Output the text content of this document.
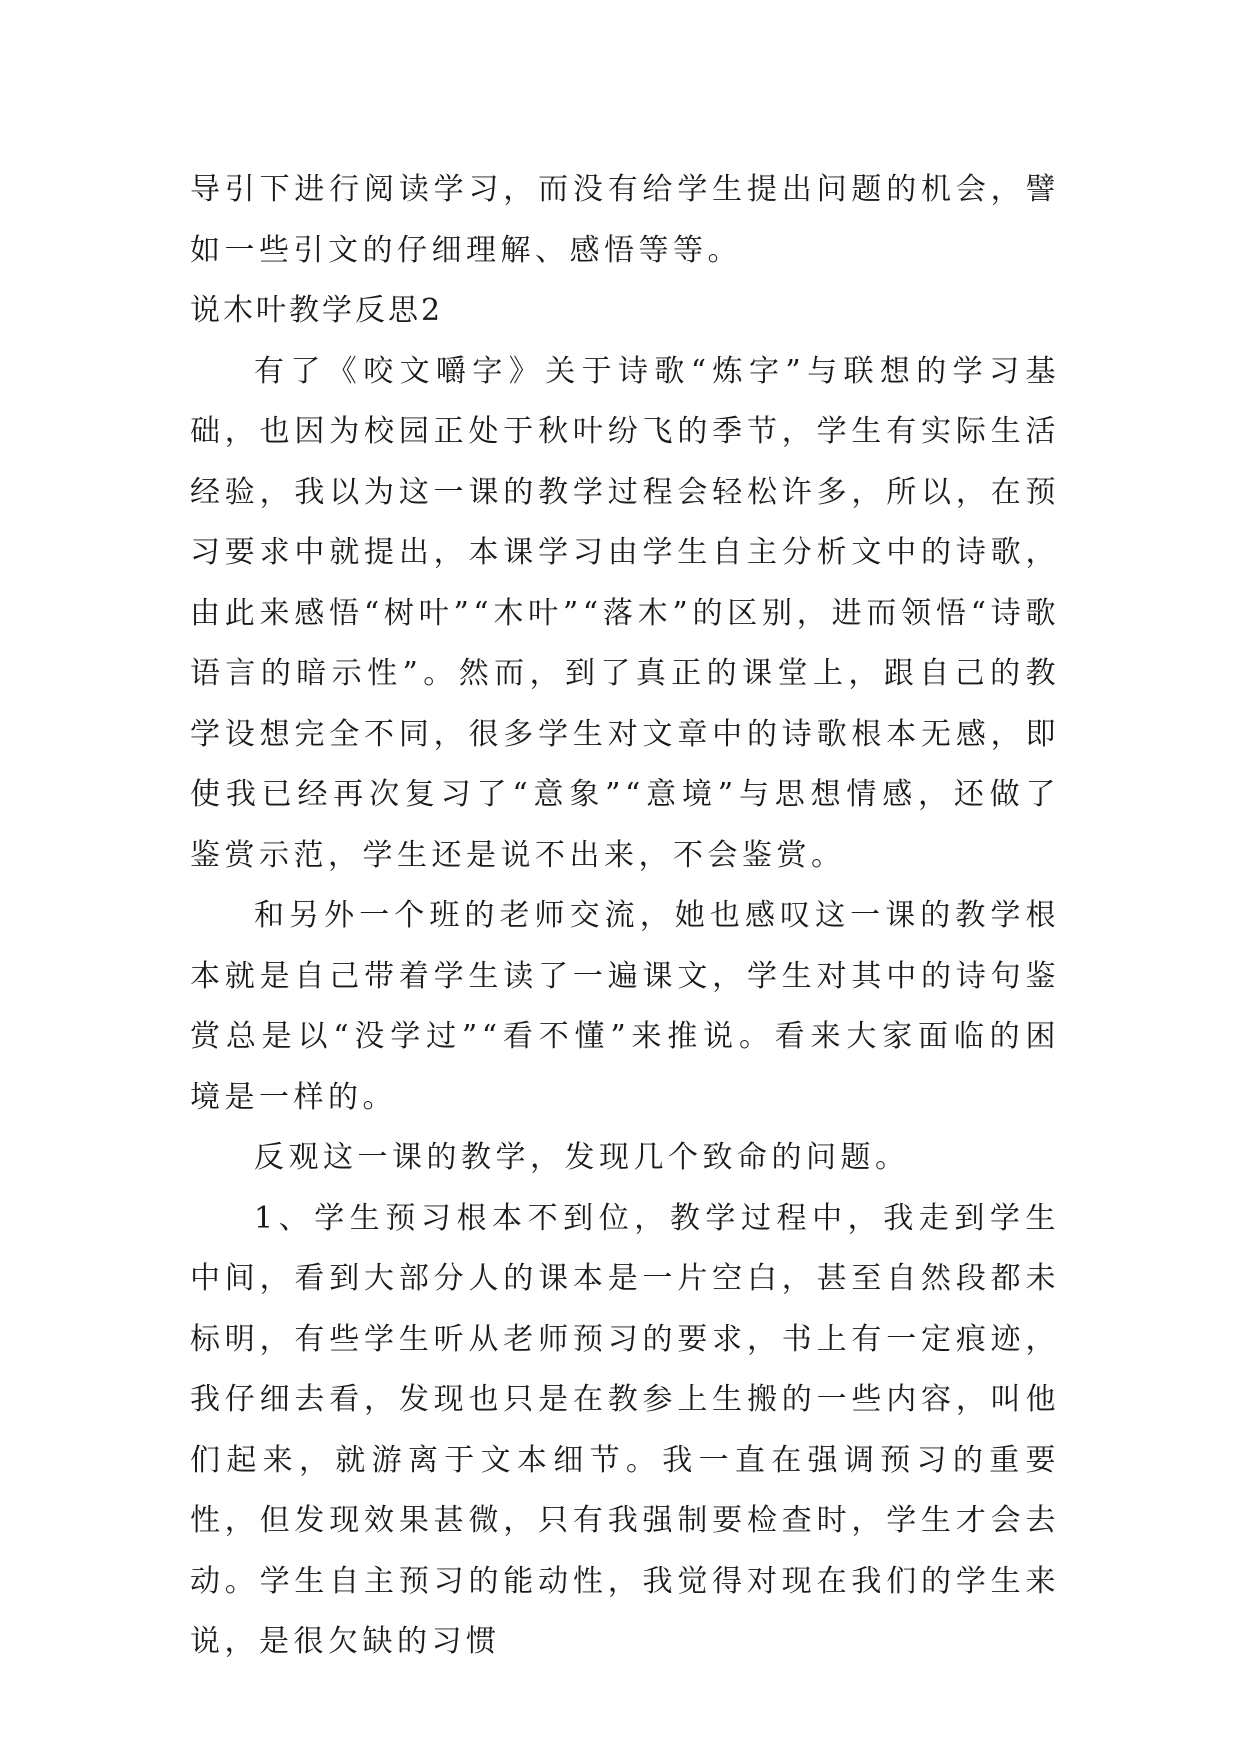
导引下进行阅读学习，而没有给学生提出问题的机会，譬如一些引文的仔细理解、感悟等等。

说木叶教学反思2

有了《咬文嚼字》关于诗歌“炼字”与联想的学习基础，也因为校园正处于秋叶纷飞的季节，学生有实际生活经验，我以为这一课的教学过程会轻松许多，所以，在预习要求中就提出，本课学习由学生自主分析文中的诗歌，由此来感悟“树叶”“木叶”“落木”的区别，进而领悟“诗歌语言的暗示性”。然而，到了真正的课堂上，跟自己的教学设想完全不同，很多学生对文章中的诗歌根本无感，即使我已经再次复习了“意象”“意境”与思想情感，还做了鉴赏示范，学生还是说不出来，不会鉴赏。

和另外一个班的老师交流，她也感叹这一课的教学根本就是自己带着学生读了一遍课文，学生对其中的诗句鉴赏总是以“没学过”“看不懂”来推说。看来大家面临的困境是一样的。

反观这一课的教学，发现几个致命的问题。

1、学生预习根本不到位，教学过程中，我走到学生中间，看到大部分人的课本是一片空白，甚至自然段都未标明，有些学生听从老师预习的要求，书上有一定痕迹，我仔细去看，发现也只是在教参上生搬的一些内容，叫他们起来，就游离于文本细节。我一直在强调预习的重要性，但发现效果甚微，只有我强制要检查时，学生才会去动。学生自主预习的能动性，我觉得对现在我们的学生来说，是很欠缺的习惯
